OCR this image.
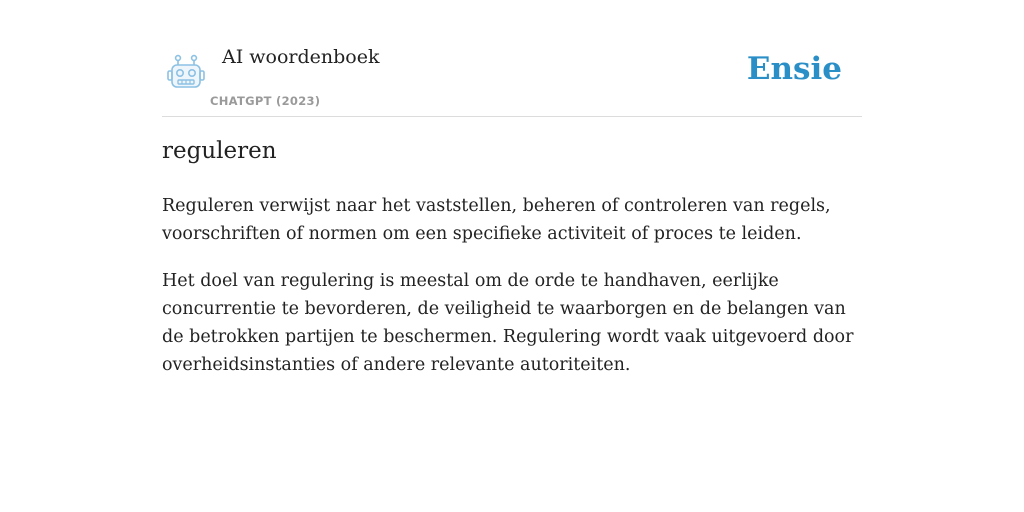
AI woordenboek
CHATGPT (2023)
Ensie
reguleren

Reguleren verwijst naar het vaststellen, beheren of controleren van regels, voorschriften of normen om een specifieke activiteit of proces te leiden.

Het doel van regulering is meestal om de orde te handhaven, eerlijke concurrentie te bevorderen, de veiligheid te waarborgen en de belangen van de betrokken partijen te beschermen. Regulering wordt vaak uitgevoerd door overheidsinstanties of andere relevante autoriteiten.
